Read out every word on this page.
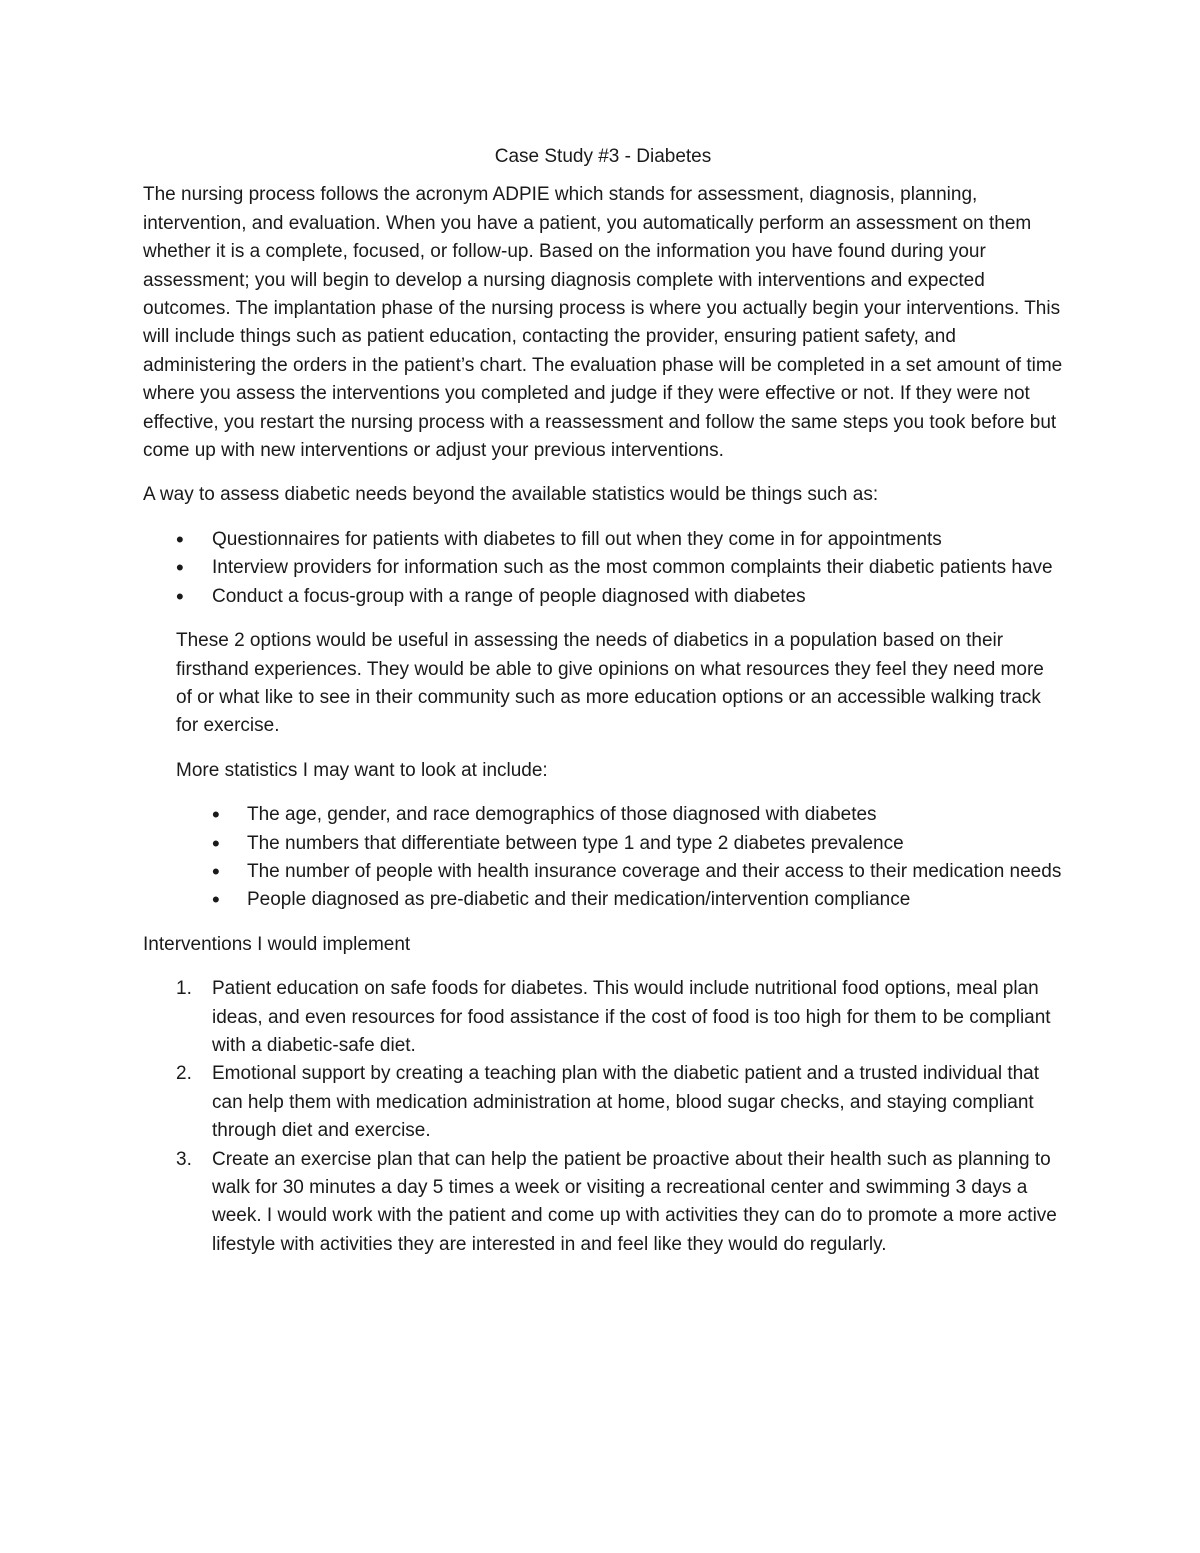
Case Study #3 - Diabetes

The nursing process follows the acronym ADPIE which stands for assessment, diagnosis, planning, intervention, and evaluation. When you have a patient, you automatically perform an assessment on them whether it is a complete, focused, or follow-up. Based on the information you have found during your assessment; you will begin to develop a nursing diagnosis complete with interventions and expected outcomes. The implantation phase of the nursing process is where you actually begin your interventions. This will include things such as patient education, contacting the provider, ensuring patient safety, and administering the orders in the patient’s chart. The evaluation phase will be completed in a set amount of time where you assess the interventions you completed and judge if they were effective or not. If they were not effective, you restart the nursing process with a reassessment and follow the same steps you took before but come up with new interventions or adjust your previous interventions.

A way to assess diabetic needs beyond the available statistics would be things such as:

• Questionnaires for patients with diabetes to fill out when they come in for appointments
• Interview providers for information such as the most common complaints their diabetic patients have
• Conduct a focus-group with a range of people diagnosed with diabetes

These 2 options would be useful in assessing the needs of diabetics in a population based on their firsthand experiences. They would be able to give opinions on what resources they feel they need more of or what like to see in their community such as more education options or an accessible walking track for exercise.

More statistics I may want to look at include:

• The age, gender, and race demographics of those diagnosed with diabetes
• The numbers that differentiate between type 1 and type 2 diabetes prevalence
• The number of people with health insurance coverage and their access to their medication needs
• People diagnosed as pre-diabetic and their medication/intervention compliance

Interventions I would implement

1. Patient education on safe foods for diabetes. This would include nutritional food options, meal plan ideas, and even resources for food assistance if the cost of food is too high for them to be compliant with a diabetic-safe diet.
2. Emotional support by creating a teaching plan with the diabetic patient and a trusted individual that can help them with medication administration at home, blood sugar checks, and staying compliant through diet and exercise.
3. Create an exercise plan that can help the patient be proactive about their health such as planning to walk for 30 minutes a day 5 times a week or visiting a recreational center and swimming 3 days a week. I would work with the patient and come up with activities they can do to promote a more active lifestyle with activities they are interested in and feel like they would do regularly.
